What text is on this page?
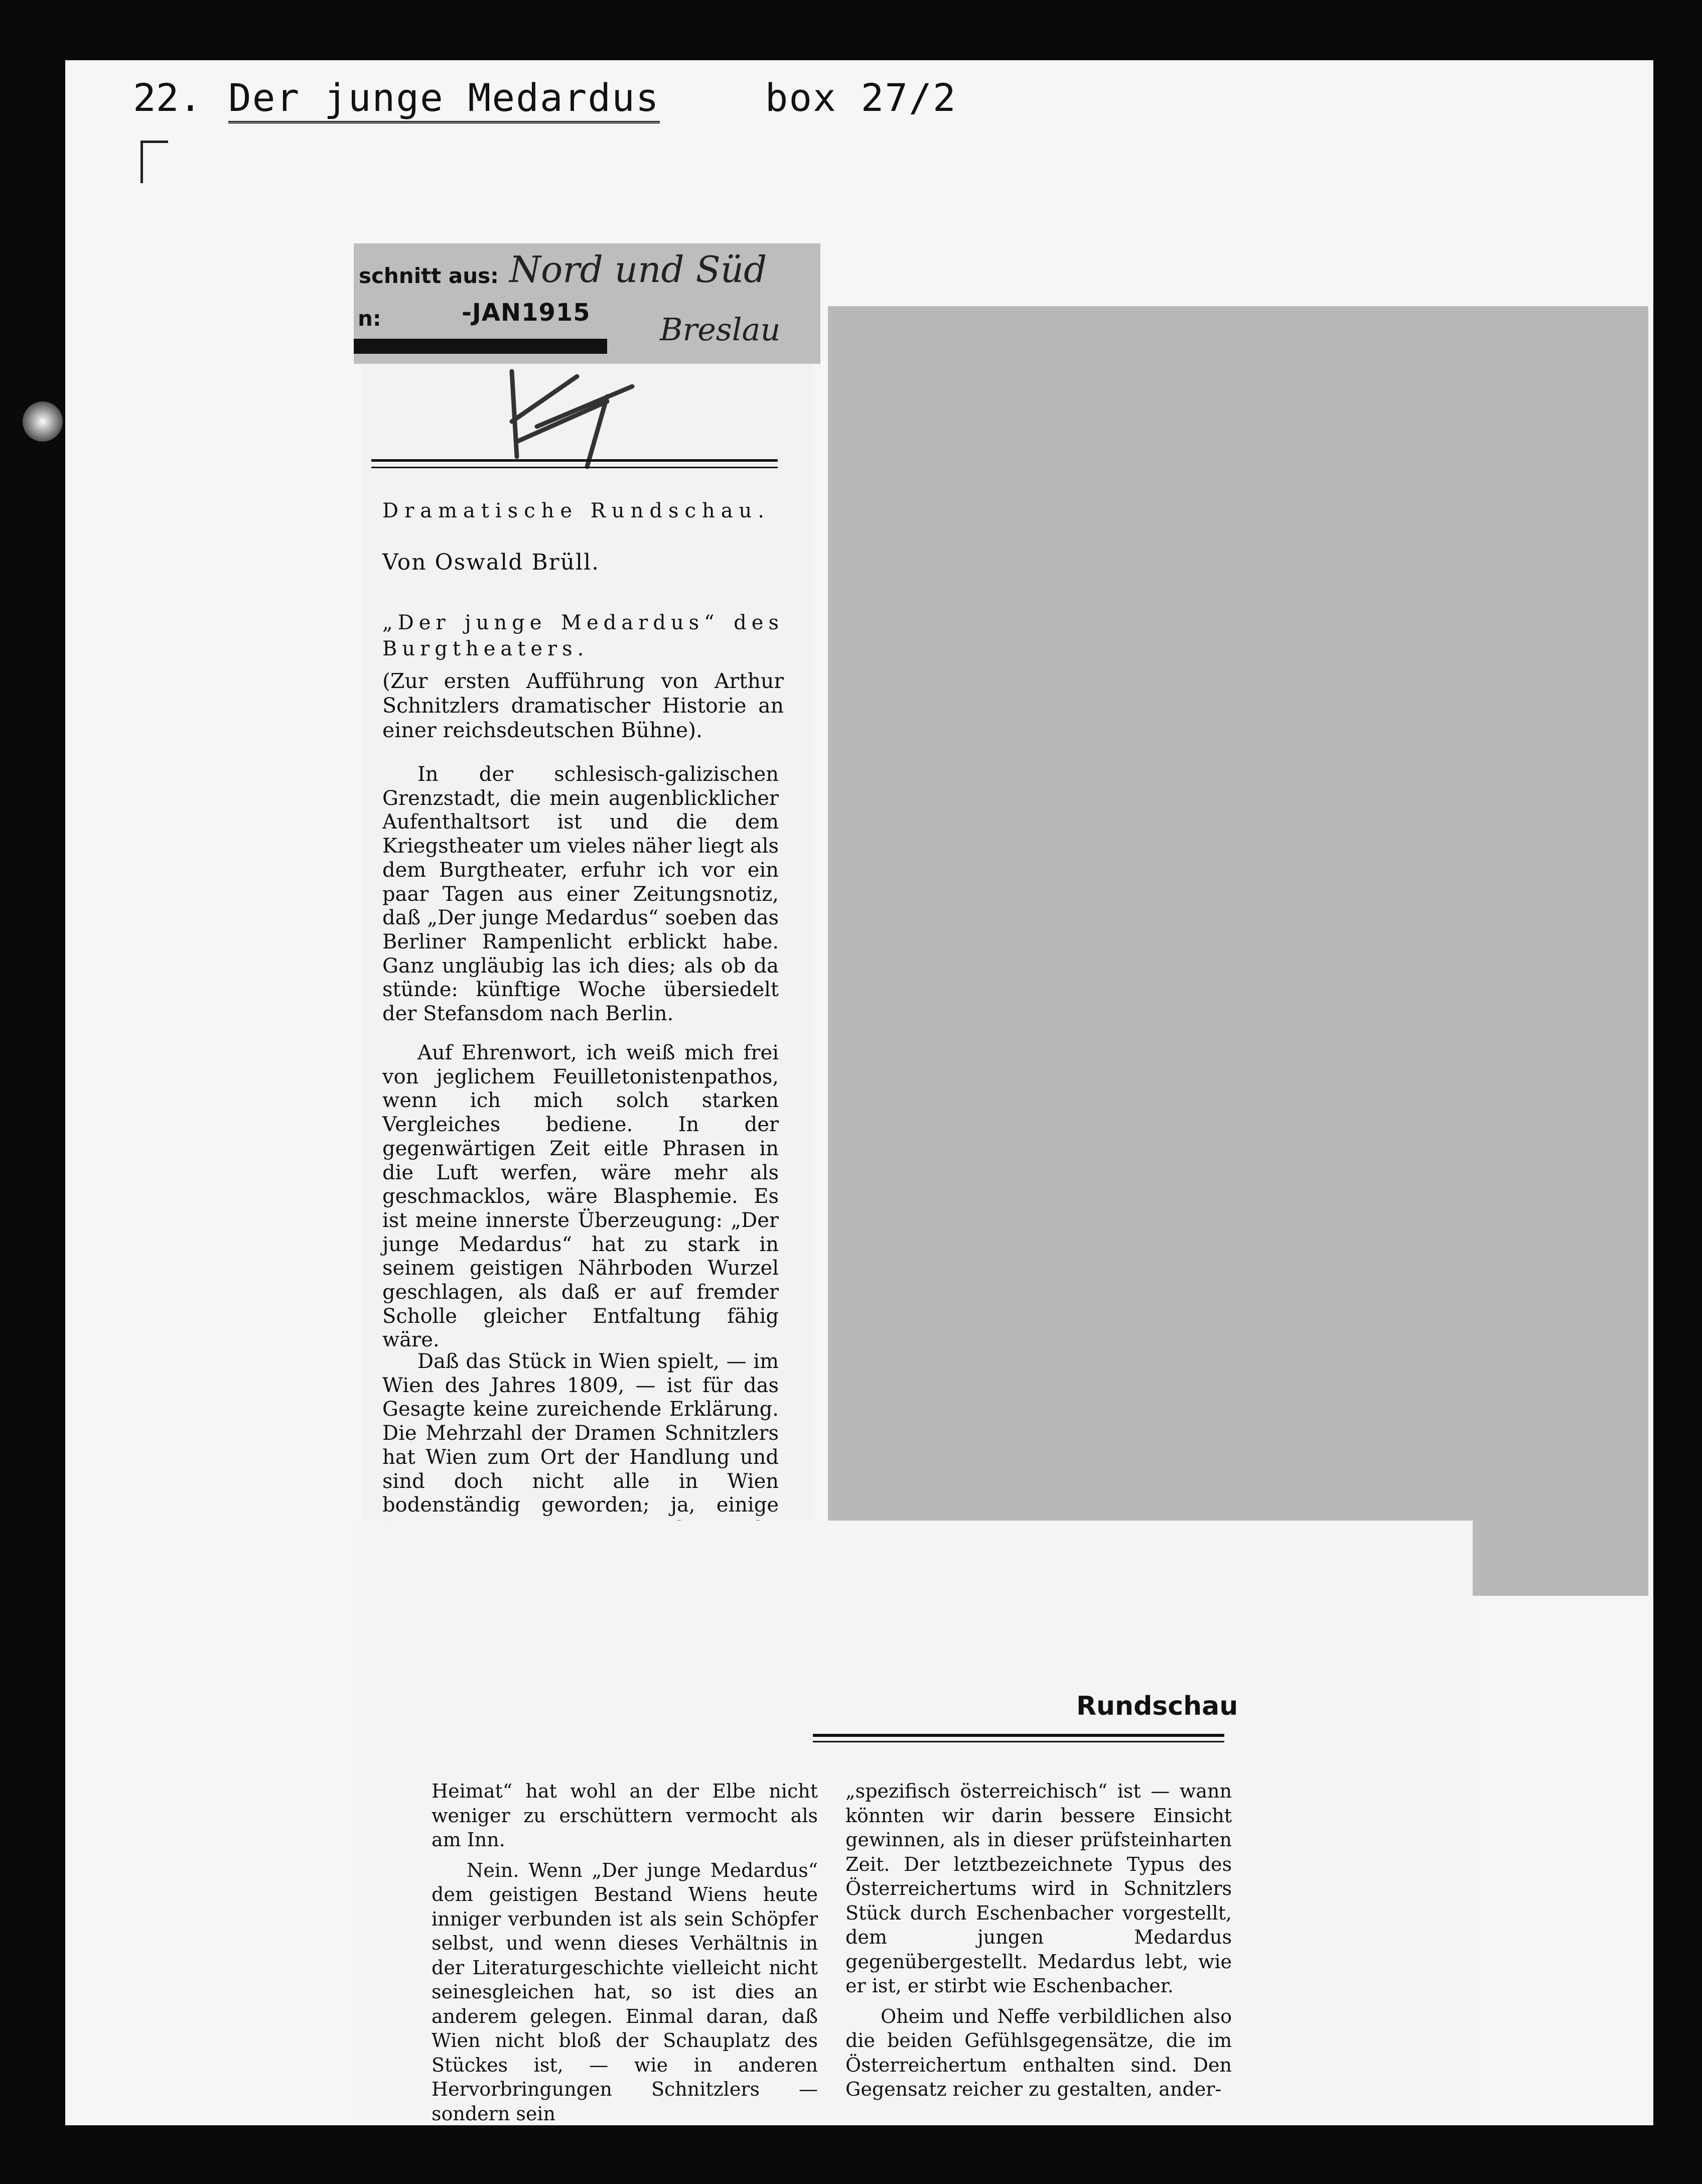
22. Der junge Medardus	box 27/2
schnitt aus: Nord und Süd
-JAN1915
n:	Breslau
Dramatische Rundschau.
Von Oswald Brüll.
„Der junge Medardus“ des Burgtheaters.
(Zur ersten Aufführung von Arthur Schnitzlers dramatischer Historie an einer reichsdeutschen Bühne).
In der schlesisch-galizischen Grenzstadt, die mein augenblicklicher Aufenthaltsort ist und die dem Kriegstheater um vieles näher liegt als dem Burgtheater, erfuhr ich vor ein paar Tagen aus einer Zeitungsnotiz, daß „Der junge Medardus“ soeben das Berliner Rampenlicht erblickt habe. Ganz ungläubig las ich dies; als ob da stünde: künftige Woche übersiedelt der Stefansdom nach Berlin.
Auf Ehrenwort, ich weiß mich frei von jeglichem Feuilletonistenpathos, wenn ich mich solch starken Vergleiches bediene. In der gegenwärtigen Zeit eitle Phrasen in die Luft werfen, wäre mehr als geschmacklos, wäre Blasphemie. Es ist meine innerste Überzeugung: „Der junge Medardus“ hat zu stark in seinem geistigen Nährboden Wurzel geschlagen, als daß er auf fremder Scholle gleicher Entfaltung fähig wäre.
Daß das Stück in Wien spielt, — im Wien des Jahres 1809, — ist für das Gesagte keine zureichende Erklärung. Die Mehrzahl der Dramen Schnitzlers hat Wien zum Ort der Handlung und sind doch nicht alle in Wien bodenständig geworden; ja, einige
Rundschau

Heimat“ hat wohl an der Elbe nicht weniger zu erschüttern vermocht als am Inn.

Nein. Wenn „Der junge Medardus“ dem geistigen Bestand Wiens heute inniger verbunden ist als sein Schöpfer selbst, und wenn dieses Verhältnis in der Literaturgeschichte vielleicht nicht seinesgleichen hat, so ist dies an anderem gelegen. Einmal daran, daß Wien nicht bloß der Schauplatz des Stückes ist, — wie in anderen Hervorbringungen Schnitzlers — sondern sein

„spezifisch österreichisch“ ist — wann könnten wir darin bessere Einsicht gewinnen, als in dieser prüfsteinharten Zeit. Der letztbezeichnete Typus des Österreichertums wird in Schnitzlers Stück durch Eschenbacher vorgestellt, dem jungen Medardus gegenübergestellt. Medardus lebt, wie er ist, er stirbt wie Eschenbacher.

Oheim und Neffe verbildlichen also die beiden Gefühlsgegensätze, die im Österreichertum enthalten sind. Den Gegensatz reicher zu gestalten, ander-
